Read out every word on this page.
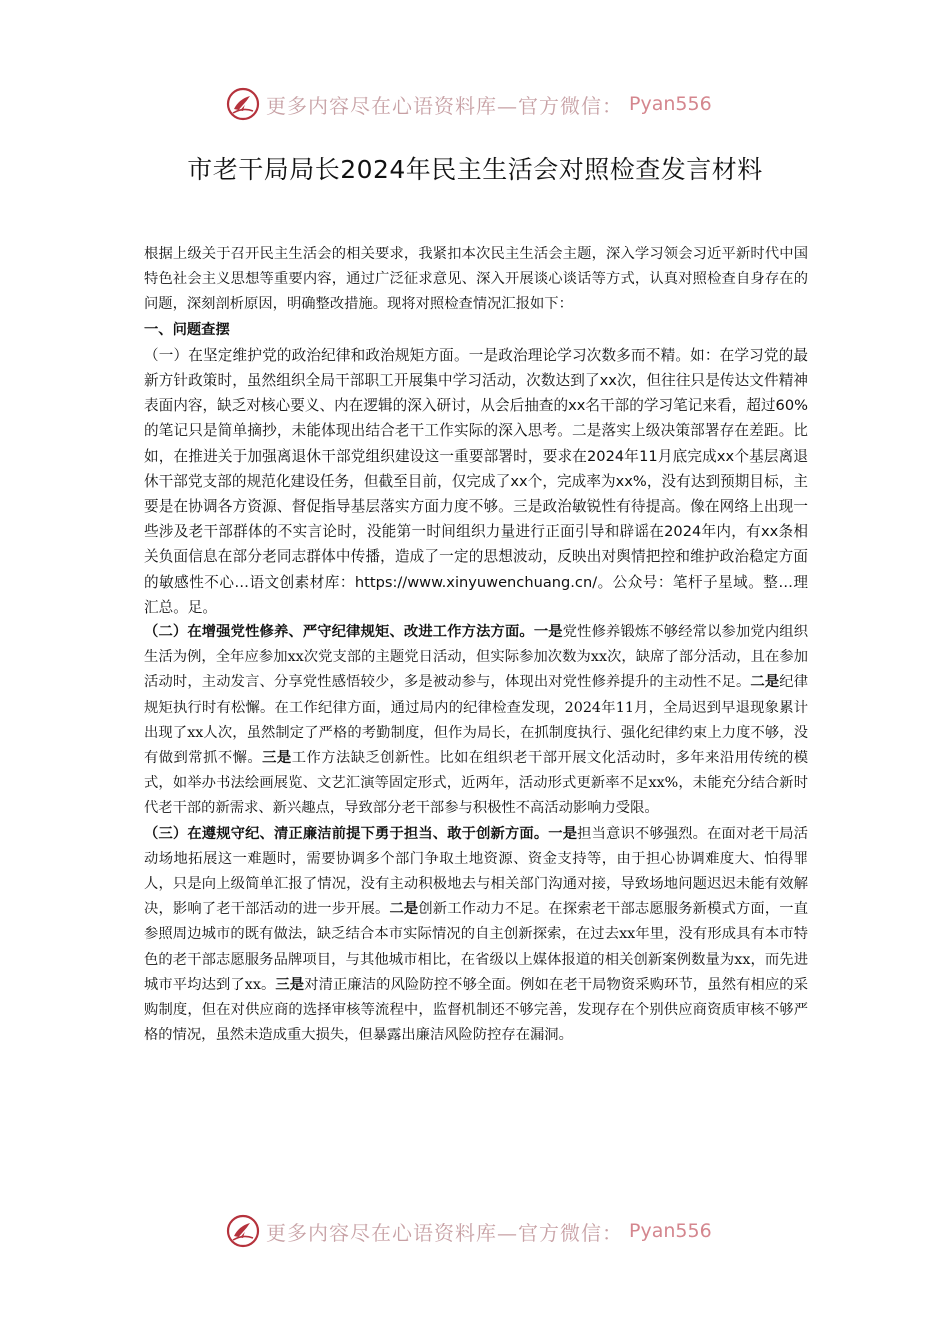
更多内容尽在心语资料库—官方微信： Pyan556
市老干局局长2024年民主生活会对照检查发言材料

根据上级关于召开民主生活会的相关要求，我紧扣本次民主生活会主题，深入学习领会习近平新时代中国特色社会主义思想等重要内容，通过广泛征求意见、深入开展谈心谈话等方式，认真对照检查自身存在的问题，深刻剖析原因，明确整改措施。现将对照检查情况汇报如下：

一、问题查摆

（一）在坚定维护党的政治纪律和政治规矩方面。一是政治理论学习次数多而不精。如：在学习党的最新方针政策时，虽然组织全局干部职工开展集中学习活动，次数达到了xx次，但往往只是传达文件精神表面内容，缺乏对核心要义、内在逻辑的深入研讨，从会后抽查的xx名干部的学习笔记来看，超过60%的笔记只是简单摘抄，未能体现出结合老干工作实际的深入思考。二是落实上级决策部署存在差距。比如，在推进关于加强离退休干部党组织建设这一重要部署时，要求在2024年11月底完成xx个基层离退休干部党支部的规范化建设任务，但截至目前，仅完成了xx个，完成率为xx%，没有达到预期目标，主要是在协调各方资源、督促指导基层落实方面力度不够。三是政治敏锐性有待提高。像在网络上出现一些涉及老干部群体的不实言论时，没能第一时间组织力量进行正面引导和辟谣在2024年内，有xx条相关负面信息在部分老同志群体中传播，造成了一定的思想波动，反映出对舆情把控和维护政治稳定方面的敏感性不心…语文创素材库：https://www.xinyuwenchuang.cn/。公众号：笔杆子星域。整…理汇总。足。

（二）在增强党性修养、严守纪律规矩、改进工作方法方面。一是党性修养锻炼不够经常以参加党内组织生活为例，全年应参加xx次党支部的主题党日活动，但实际参加次数为xx次，缺席了部分活动，且在参加活动时，主动发言、分享党性感悟较少，多是被动参与，体现出对党性修养提升的主动性不足。二是纪律规矩执行时有松懈。在工作纪律方面，通过局内的纪律检查发现，2024年11月，全局迟到早退现象累计出现了xx人次，虽然制定了严格的考勤制度，但作为局长，在抓制度执行、强化纪律约束上力度不够，没有做到常抓不懈。三是工作方法缺乏创新性。比如在组织老干部开展文化活动时，多年来沿用传统的模式，如举办书法绘画展览、文艺汇演等固定形式，近两年，活动形式更新率不足xx%，未能充分结合新时代老干部的新需求、新兴趣点，导致部分老干部参与积极性不高活动影响力受限。

（三）在遵规守纪、清正廉洁前提下勇于担当、敢于创新方面。一是担当意识不够强烈。在面对老干局活动场地拓展这一难题时，需要协调多个部门争取土地资源、资金支持等，由于担心协调难度大、怕得罪人，只是向上级简单汇报了情况，没有主动积极地去与相关部门沟通对接，导致场地问题迟迟未能有效解决，影响了老干部活动的进一步开展。二是创新工作动力不足。在探索老干部志愿服务新模式方面，一直参照周边城市的既有做法，缺乏结合本市实际情况的自主创新探索，在过去xx年里，没有形成具有本市特色的老干部志愿服务品牌项目，与其他城市相比，在省级以上媒体报道的相关创新案例数量为xx，而先进城市平均达到了xx。三是对清正廉洁的风险防控不够全面。例如在老干局物资采购环节，虽然有相应的采购制度，但在对供应商的选择审核等流程中，监督机制还不够完善，发现存在个别供应商资质审核不够严格的情况，虽然未造成重大损失，但暴露出廉洁风险防控存在漏洞。

更多内容尽在心语资料库—官方微信： Pyan556
